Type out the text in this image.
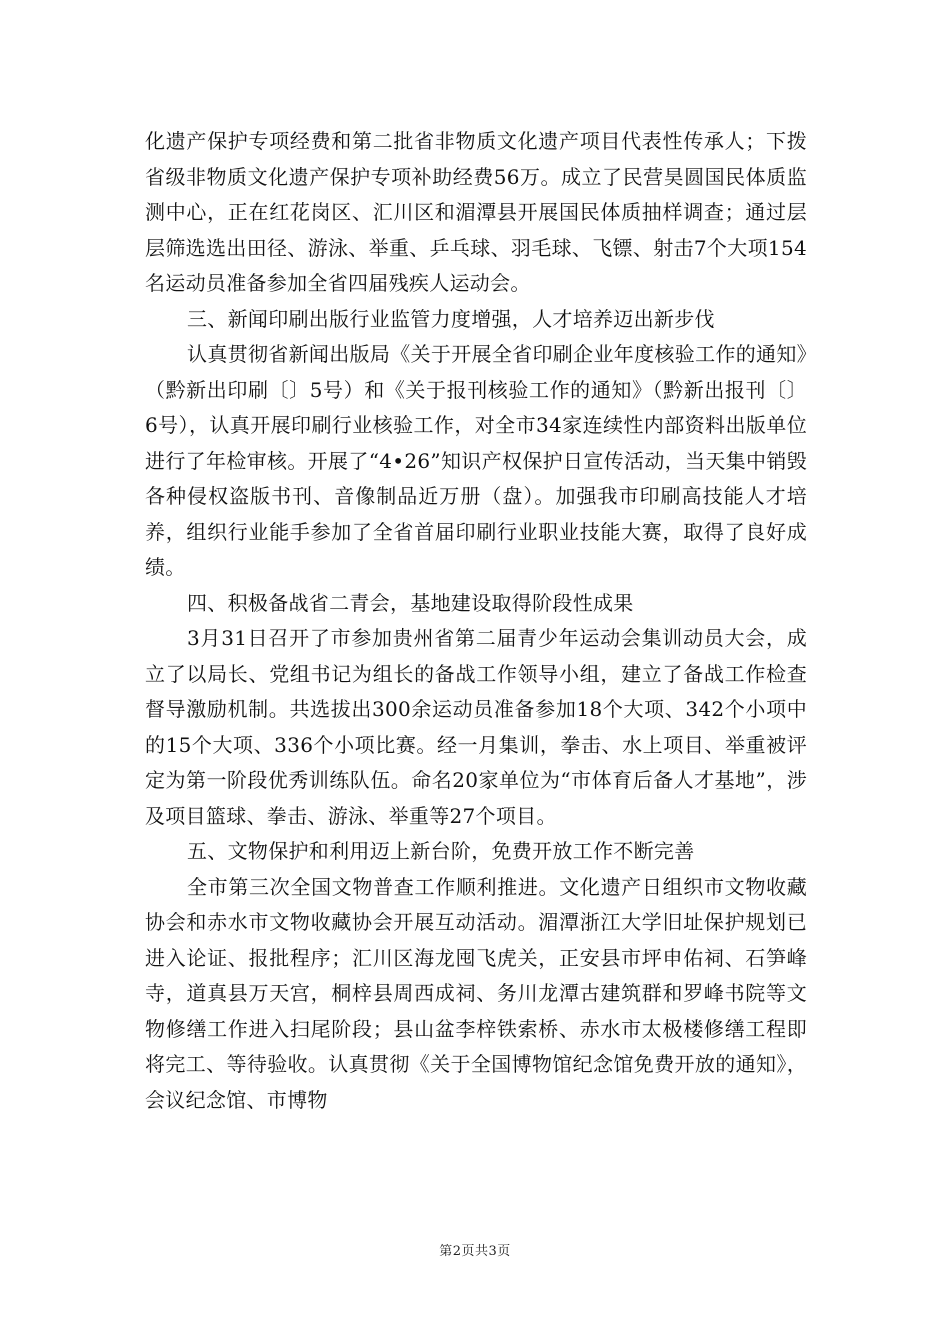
化遗产保护专项经费和第二批省非物质文化遗产项目代表性传承人；下拨省级非物质文化遗产保护专项补助经费56万。成立了民营昊圆国民体质监测中心，正在红花岗区、汇川区和湄潭县开展国民体质抽样调查；通过层层筛选选出田径、游泳、举重、乒乓球、羽毛球、飞镖、射击7个大项154名运动员准备参加全省四届残疾人运动会。

三、新闻印刷出版行业监管力度增强，人才培养迈出新步伐

认真贯彻省新闻出版局《关于开展全省印刷企业年度核验工作的通知》（黔新出印刷〔〕5号）和《关于报刊核验工作的通知》（黔新出报刊〔〕6号），认真开展印刷行业核验工作，对全市34家连续性内部资料出版单位进行了年检审核。开展了“4•26”知识产权保护日宣传活动，当天集中销毁各种侵权盗版书刊、音像制品近万册（盘）。加强我市印刷高技能人才培养，组织行业能手参加了全省首届印刷行业职业技能大赛，取得了良好成绩。

四、积极备战省二青会，基地建设取得阶段性成果

3月31日召开了市参加贵州省第二届青少年运动会集训动员大会，成立了以局长、党组书记为组长的备战工作领导小组，建立了备战工作检查督导激励机制。共选拔出300余运动员准备参加18个大项、342个小项中的15个大项、336个小项比赛。经一月集训，拳击、水上项目、举重被评定为第一阶段优秀训练队伍。命名20家单位为“市体育后备人才基地”，涉及项目篮球、拳击、游泳、举重等27个项目。

五、文物保护和利用迈上新台阶，免费开放工作不断完善

全市第三次全国文物普查工作顺利推进。文化遗产日组织市文物收藏协会和赤水市文物收藏协会开展互动活动。湄潭浙江大学旧址保护规划已进入论证、报批程序；汇川区海龙囤飞虎关，正安县市坪申佑祠、石笋峰寺，道真县万天宫，桐梓县周西成祠、务川龙潭古建筑群和罗峰书院等文物修缮工作进入扫尾阶段；县山盆李梓铁索桥、赤水市太极楼修缮工程即将完工、等待验收。认真贯彻《关于全国博物馆纪念馆免费开放的通知》，会议纪念馆、市博物

第2页共3页
